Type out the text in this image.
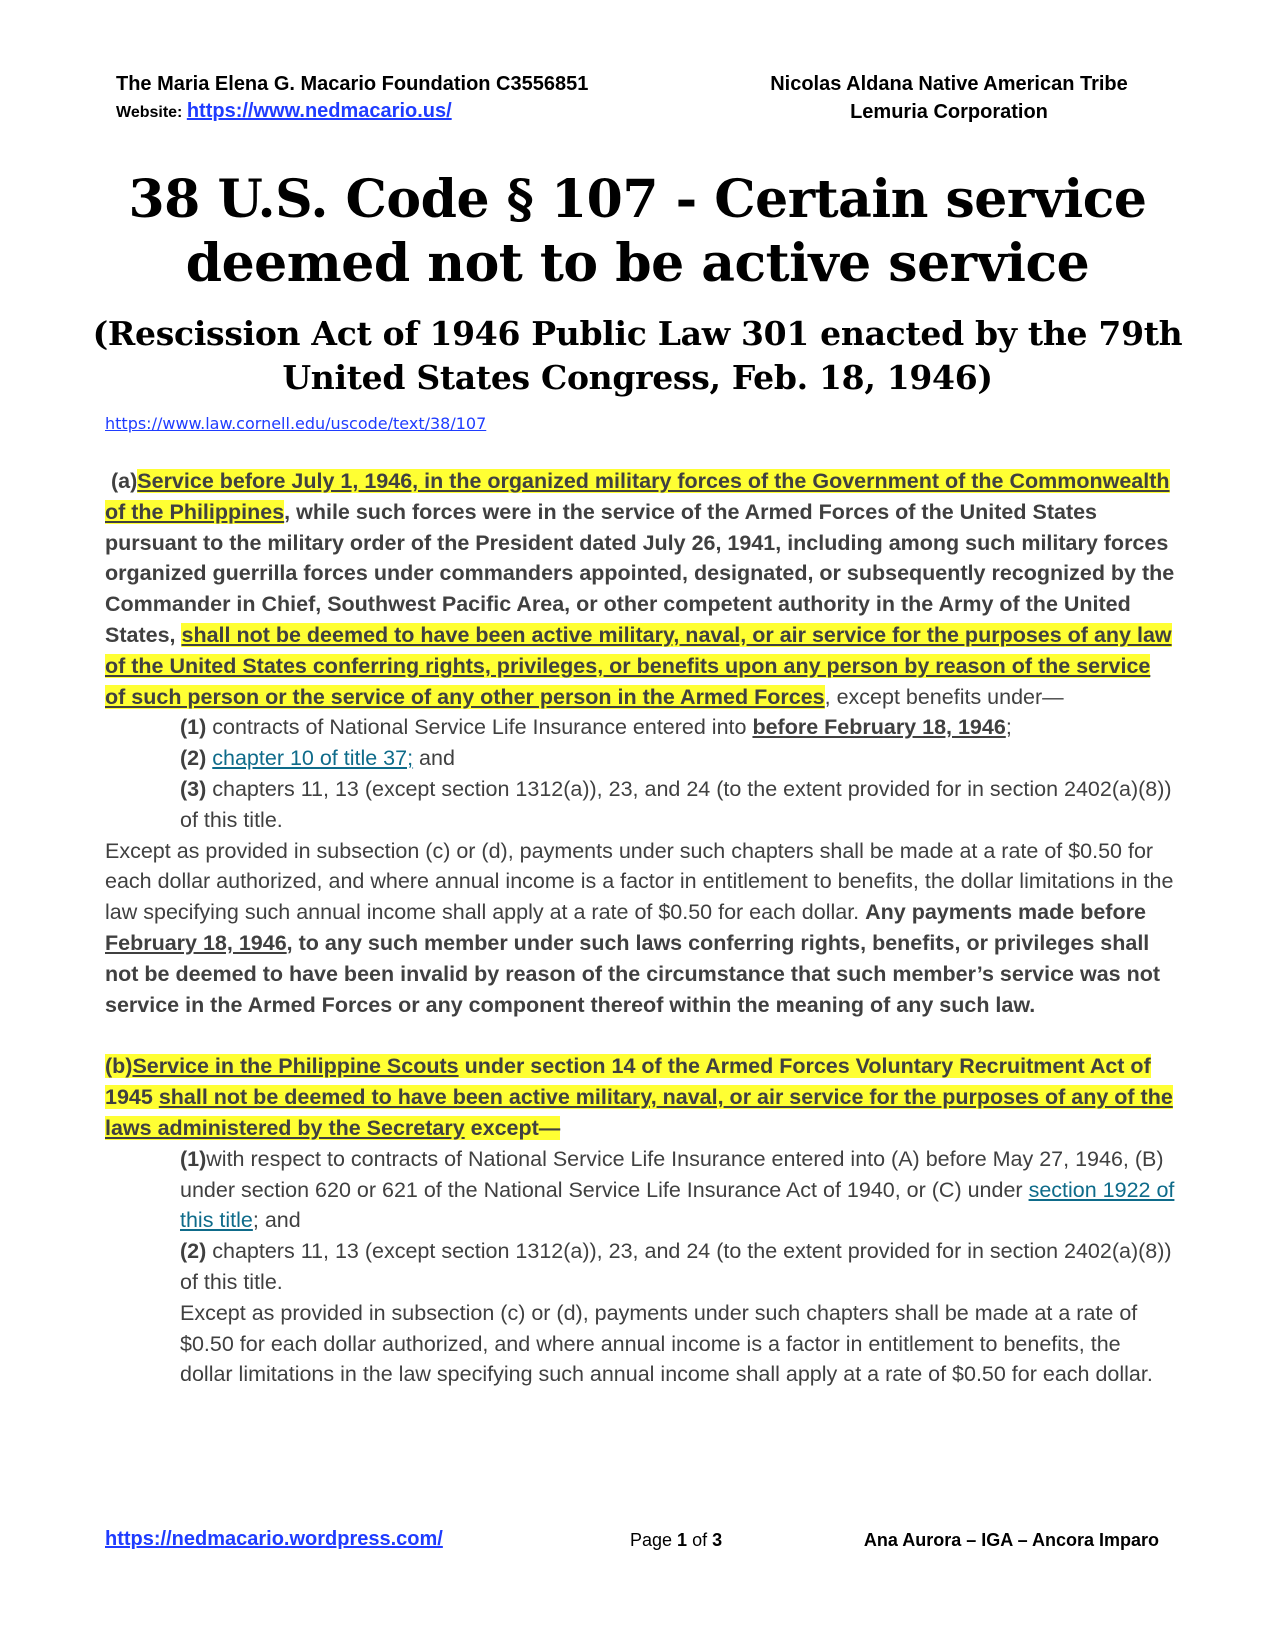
The Maria Elena G. Macario Foundation C3556851
Website: https://www.nedmacario.us/
Nicolas Aldana Native American Tribe
Lemuria Corporation
38 U.S. Code § 107 - Certain service deemed not to be active service
(Rescission Act of 1946 Public Law 301 enacted by the 79th United States Congress, Feb. 18, 1946)
https://www.law.cornell.edu/uscode/text/38/107

(a)Service before July 1, 1946, in the organized military forces of the Government of the Commonwealth of the Philippines, while such forces were in the service of the Armed Forces of the United States pursuant to the military order of the President dated July 26, 1941, including among such military forces organized guerrilla forces under commanders appointed, designated, or subsequently recognized by the Commander in Chief, Southwest Pacific Area, or other competent authority in the Army of the United States, shall not be deemed to have been active military, naval, or air service for the purposes of any law of the United States conferring rights, privileges, or benefits upon any person by reason of the service of such person or the service of any other person in the Armed Forces, except benefits under—

(1) contracts of National Service Life Insurance entered into before February 18, 1946;

(2) chapter 10 of title 37; and

(3) chapters 11, 13 (except section 1312(a)), 23, and 24 (to the extent provided for in section 2402(a)(8)) of this title.

Except as provided in subsection (c) or (d), payments under such chapters shall be made at a rate of $0.50 for each dollar authorized, and where annual income is a factor in entitlement to benefits, the dollar limitations in the law specifying such annual income shall apply at a rate of $0.50 for each dollar. Any payments made before February 18, 1946, to any such member under such laws conferring rights, benefits, or privileges shall not be deemed to have been invalid by reason of the circumstance that such member’s service was not service in the Armed Forces or any component thereof within the meaning of any such law.

(b)Service in the Philippine Scouts under section 14 of the Armed Forces Voluntary Recruitment Act of 1945 shall not be deemed to have been active military, naval, or air service for the purposes of any of the laws administered by the Secretary except—

(1)with respect to contracts of National Service Life Insurance entered into (A) before May 27, 1946, (B) under section 620 or 621 of the National Service Life Insurance Act of 1940, or (C) under section 1922 of this title; and

(2) chapters 11, 13 (except section 1312(a)), 23, and 24 (to the extent provided for in section 2402(a)(8)) of this title.

Except as provided in subsection (c) or (d), payments under such chapters shall be made at a rate of $0.50 for each dollar authorized, and where annual income is a factor in entitlement to benefits, the dollar limitations in the law specifying such annual income shall apply at a rate of $0.50 for each dollar.

https://nedmacario.wordpress.com/	Page 1 of 3	Ana Aurora – IGA – Ancora Imparo
